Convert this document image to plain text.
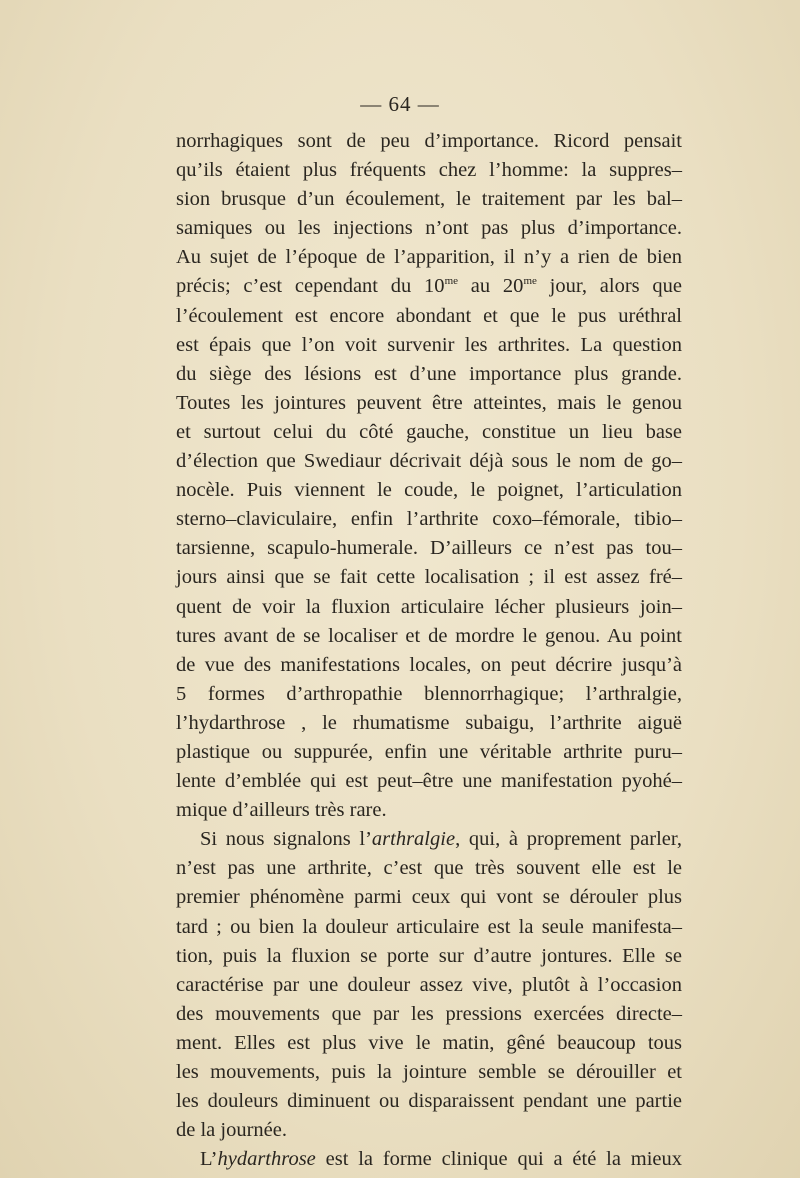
— 64 —
norrhagiques sont de peu d’importance. Ricord pensait
qu’ils étaient plus fréquents chez l’homme: la suppres–
sion brusque d’un écoulement, le traitement par les bal–
samiques ou les injections n’ont pas plus d’importance.
Au sujet de l’époque de l’apparition, il n’y a rien de bien
précis; c’est cependant du $10^{me}$ au $20^{me}$ jour, alors que
l’écoulement est encore abondant et que le pus uréthral
est épais que l’on voit survenir les arthrites. La question
du siège des lésions est d’une importance plus grande.
Toutes les jointures peuvent être atteintes, mais le genou
et surtout celui du côté gauche, constitue un lieu base
d’élection que Swediaur décrivait déjà sous le nom de go–
nocèle. Puis viennent le coude, le poignet, l’articulation
sterno–claviculaire, enfin l’arthrite coxo–fémorale, tibio–
tarsienne, scapulo-humerale. D’ailleurs ce n’est pas tou–
jours ainsi que se fait cette localisation ; il est assez fré–
quent de voir la fluxion articulaire lécher plusieurs join–
tures avant de se localiser et de mordre le genou. Au point
de vue des manifestations locales, on peut décrire jusqu’à
5 formes d’arthropathie blennorrhagique; l’arthralgie,
l’hydarthrose , le rhumatisme subaigu, l’arthrite aiguë
plastique ou suppurée, enfin une véritable arthrite puru–
lente d’emblée qui est peut–être une manifestation pyohé–
mique d’ailleurs très rare.
Si nous signalons l’arthralgie, qui, à proprement parler,
n’est pas une arthrite, c’est que très souvent elle est le
premier phénomène parmi ceux qui vont se dérouler plus
tard ; ou bien la douleur articulaire est la seule manifesta–
tion, puis la fluxion se porte sur d’autre jontures. Elle se
caractérise par une douleur assez vive, plutôt à l’occasion
des mouvements que par les pressions exercées directe–
ment. Elles est plus vive le matin, gêné beaucoup tous
les mouvements, puis la jointure semble se dérouiller et
les douleurs diminuent ou disparaissent pendant une partie
de la journée.
L’hydarthrose est la forme clinique qui a été la mieux
